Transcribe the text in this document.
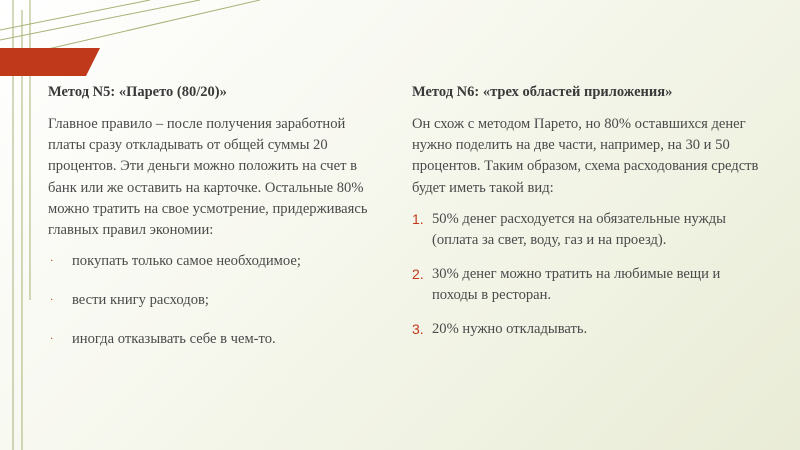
Метод N5: «Парето (80/20)»

Главное правило – после получения заработной платы сразу откладывать от общей суммы 20 процентов. Эти деньги можно положить на счет в банк или же оставить на карточке. Остальные 80% можно тратить на свое усмотрение, придерживаясь главных правил экономии:

· покупать только самое необходимое;
· вести книгу расходов;
· иногда отказывать себе в чем-то.
Метод N6: «трех областей приложения»

Он схож с методом Парето, но 80% оставшихся денег нужно поделить на две части, например, на 30 и 50 процентов. Таким образом, схема расходования средств будет иметь такой вид:

1. 50% денег расходуется на обязательные нужды (оплата за свет, воду, газ и на проезд).
2. 30% денег можно тратить на любимые вещи и походы в ресторан.
3. 20% нужно откладывать.
